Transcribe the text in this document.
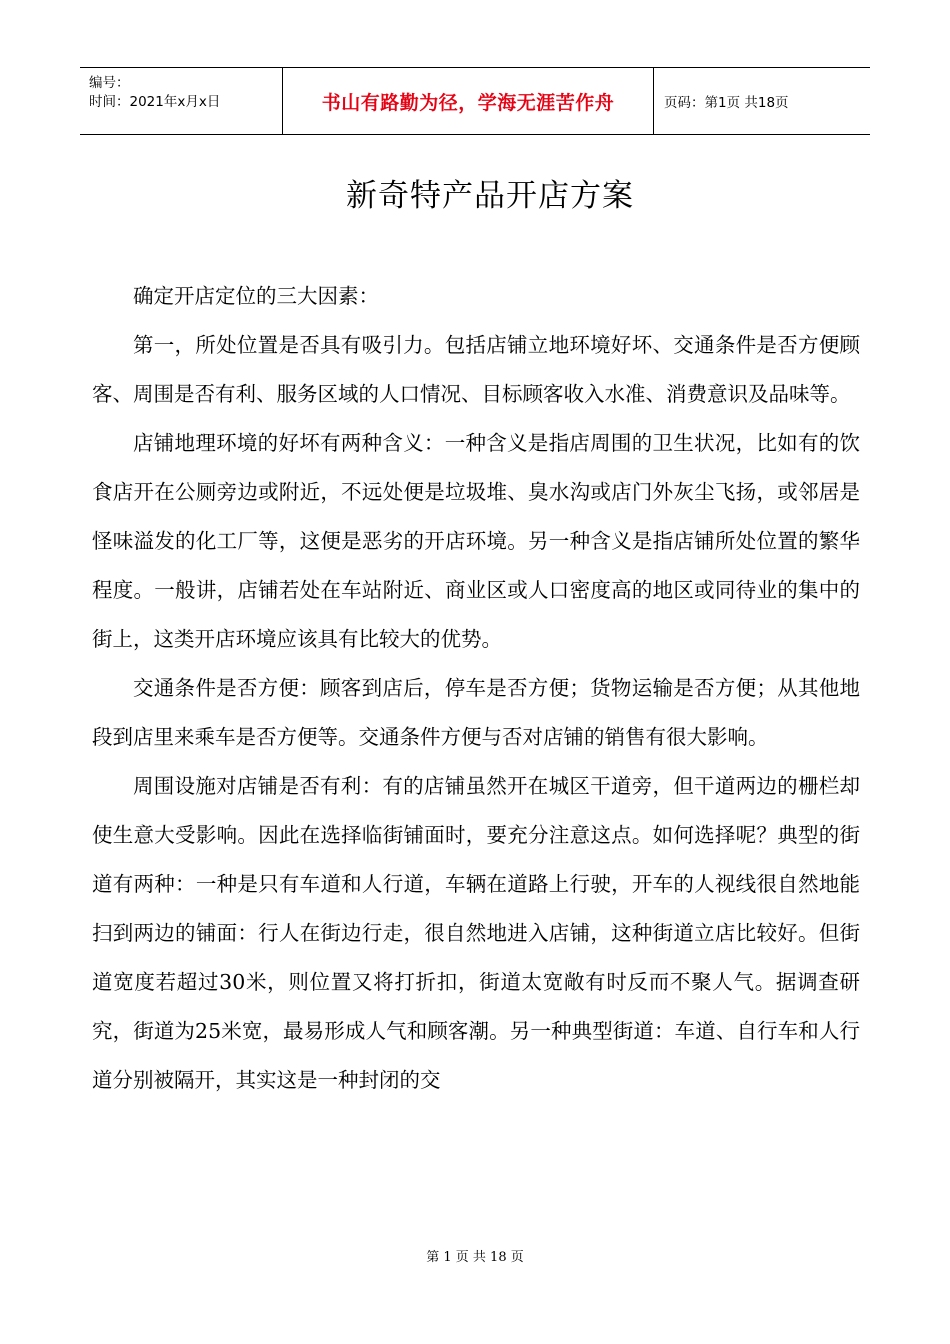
编号：
时间：2021年x月x日	书山有路勤为径，学海无涯苦作舟	页码：第1页 共18页
新奇特产品开店方案

确定开店定位的三大因素：

第一，所处位置是否具有吸引力。包括店铺立地环境好坏、交通条件是否方便顾客、周围是否有利、服务区域的人口情况、目标顾客收入水准、消费意识及品味等。

店铺地理环境的好坏有两种含义：一种含义是指店周围的卫生状况，比如有的饮食店开在公厕旁边或附近，不远处便是垃圾堆、臭水沟或店门外灰尘飞扬，或邻居是怪味溢发的化工厂等，这便是恶劣的开店环境。另一种含义是指店铺所处位置的繁华程度。一般讲，店铺若处在车站附近、商业区或人口密度高的地区或同待业的集中的街上，这类开店环境应该具有比较大的优势。

交通条件是否方便：顾客到店后，停车是否方便；货物运输是否方便；从其他地段到店里来乘车是否方便等。交通条件方便与否对店铺的销售有很大影响。

周围设施对店铺是否有利：有的店铺虽然开在城区干道旁，但干道两边的栅栏却使生意大受影响。因此在选择临街铺面时，要充分注意这点。如何选择呢？典型的街道有两种：一种是只有车道和人行道，车辆在道路上行驶，开车的人视线很自然地能扫到两边的铺面：行人在街边行走，很自然地进入店铺，这种街道立店比较好。但街道宽度若超过30米，则位置又将打折扣，街道太宽敞有时反而不聚人气。据调查研究，街道为25米宽，最易形成人气和顾客潮。另一种典型街道：车道、自行车和人行道分别被隔开，其实这是一种封闭的交

第 1 页 共 18 页
